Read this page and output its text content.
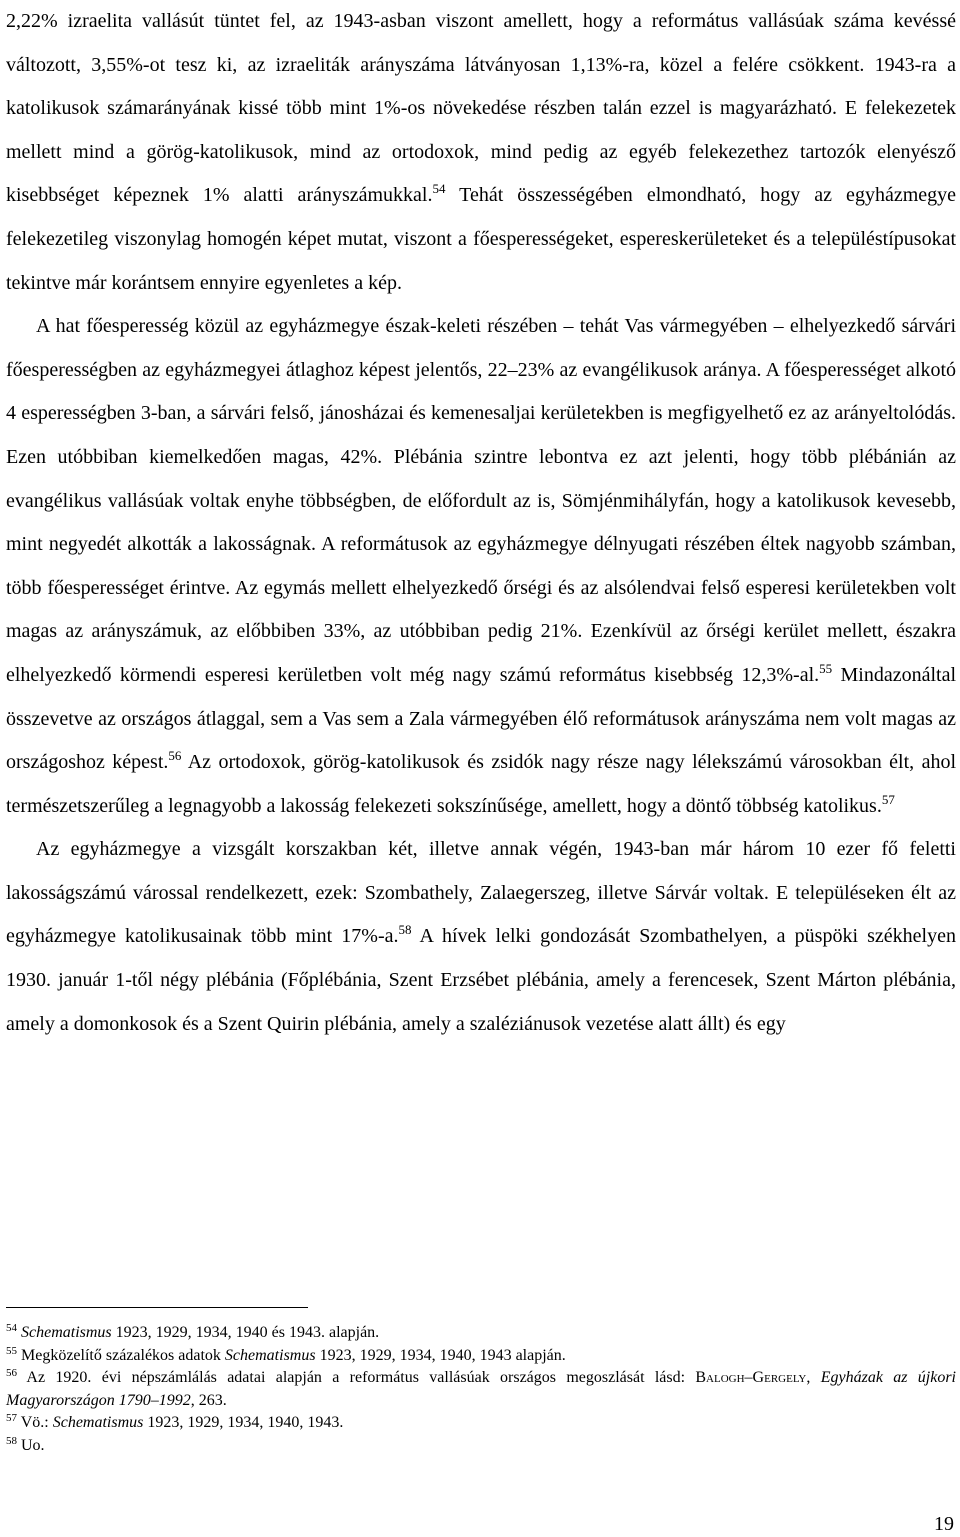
2,22% izraelita vallásút tüntet fel, az 1943-asban viszont amellett, hogy a református vallásúak száma kevéssé változott, 3,55%-ot tesz ki, az izraeliták arányszáma látványosan 1,13%-ra, közel a felére csökkent. 1943-ra a katolikusok számarányának kissé több mint 1%-os növekedése részben talán ezzel is magyarázható. E felekezetek mellett mind a görög-katolikusok, mind az ortodoxok, mind pedig az egyéb felekezethez tartozók elenyésző kisebbséget képeznek 1% alatti arányszámukkal.$^{54}$ Tehát összességében elmondható, hogy az egyházmegye felekezetileg viszonylag homogén képet mutat, viszont a főesperességeket, espereskerületeket és a településtípusokat tekintve már korántsem ennyire egyenletes a kép.

A hat főesperesség közül az egyházmegye észak-keleti részében – tehát Vas vármegyében – elhelyezkedő sárvári főesperességben az egyházmegyei átlaghoz képest jelentős, 22–23% az evangélikusok aránya. A főesperességet alkotó 4 esperességben 3-ban, a sárvári felső, jánosházai és kemenesaljai kerületekben is megfigyelhető ez az arányeltolódás. Ezen utóbbiban kiemelkedően magas, 42%. Plébánia szintre lebontva ez azt jelenti, hogy több plébánián az evangélikus vallásúak voltak enyhe többségben, de előfordult az is, Sömjénmihályfán, hogy a katolikusok kevesebb, mint negyedét alkották a lakosságnak. A reformátusok az egyházmegye délnyugati részében éltek nagyobb számban, több főesperességet érintve. Az egymás mellett elhelyezkedő őrségi és az alsólendvai felső esperesi kerületekben volt magas az arányszámuk, az előbbiben 33%, az utóbbiban pedig 21%. Ezenkívül az őrségi kerület mellett, északra elhelyezkedő körmendi esperesi kerületben volt még nagy számú református kisebbség 12,3%-al.$^{55}$ Mindazonáltal összevetve az országos átlaggal, sem a Vas sem a Zala vármegyében élő reformátusok arányszáma nem volt magas az országoshoz képest.$^{56}$ Az ortodoxok, görög-katolikusok és zsidók nagy része nagy lélekszámú városokban élt, ahol természetszerűleg a legnagyobb a lakosság felekezeti sokszínűsége, amellett, hogy a döntő többség katolikus.$^{57}$

Az egyházmegye a vizsgált korszakban két, illetve annak végén, 1943-ban már három 10 ezer fő feletti lakosságszámú várossal rendelkezett, ezek: Szombathely, Zalaegerszeg, illetve Sárvár voltak. E településeken élt az egyházmegye katolikusainak több mint 17%-a.$^{58}$ A hívek lelki gondozását Szombathelyen, a püspöki székhelyen 1930. január 1-től négy plébánia (Főplébánia, Szent Erzsébet plébánia, amely a ferencesek, Szent Márton plébánia, amely a domonkosok és a Szent Quirin plébánia, amely a szaléziánusok vezetése alatt állt) és egy

$^{54}$ Schematismus 1923, 1929, 1934, 1940 és 1943. alapján.

$^{55}$ Megközelítő százalékos adatok Schematismus 1923, 1929, 1934, 1940, 1943 alapján.

$^{56}$ Az 1920. évi népszámlálás adatai alapján a református vallásúak országos megoszlását lásd: Balogh–Gergely, Egyházak az újkori Magyarországon 1790–1992, 263.

$^{57}$ Vö.: Schematismus 1923, 1929, 1934, 1940, 1943.

$^{58}$ Uo.

19
